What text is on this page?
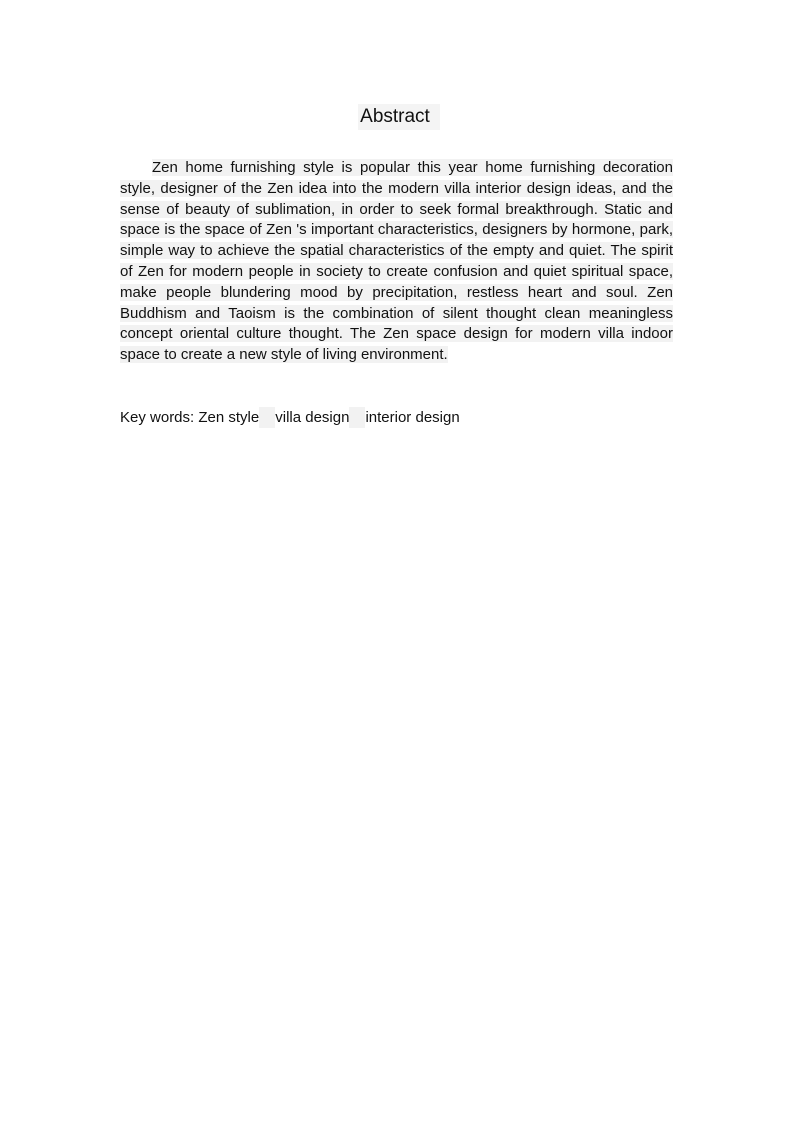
Abstract

Zen home furnishing style is popular this year home furnishing decoration style, designer of the Zen idea into the modern villa interior design ideas, and the sense of beauty of sublimation, in order to seek formal breakthrough. Static and space is the space of Zen 's important characteristics, designers by hormone, park, simple way to achieve the spatial characteristics of the empty and quiet. The spirit of Zen for modern people in society to create confusion and quiet spiritual space, make people blundering mood by precipitation, restless heart and soul. Zen Buddhism and Taoism is the combination of silent thought clean meaningless concept oriental culture thought. The Zen space design for modern villa indoor space to create a new style of living environment.

Key words: Zen style villa design interior design
